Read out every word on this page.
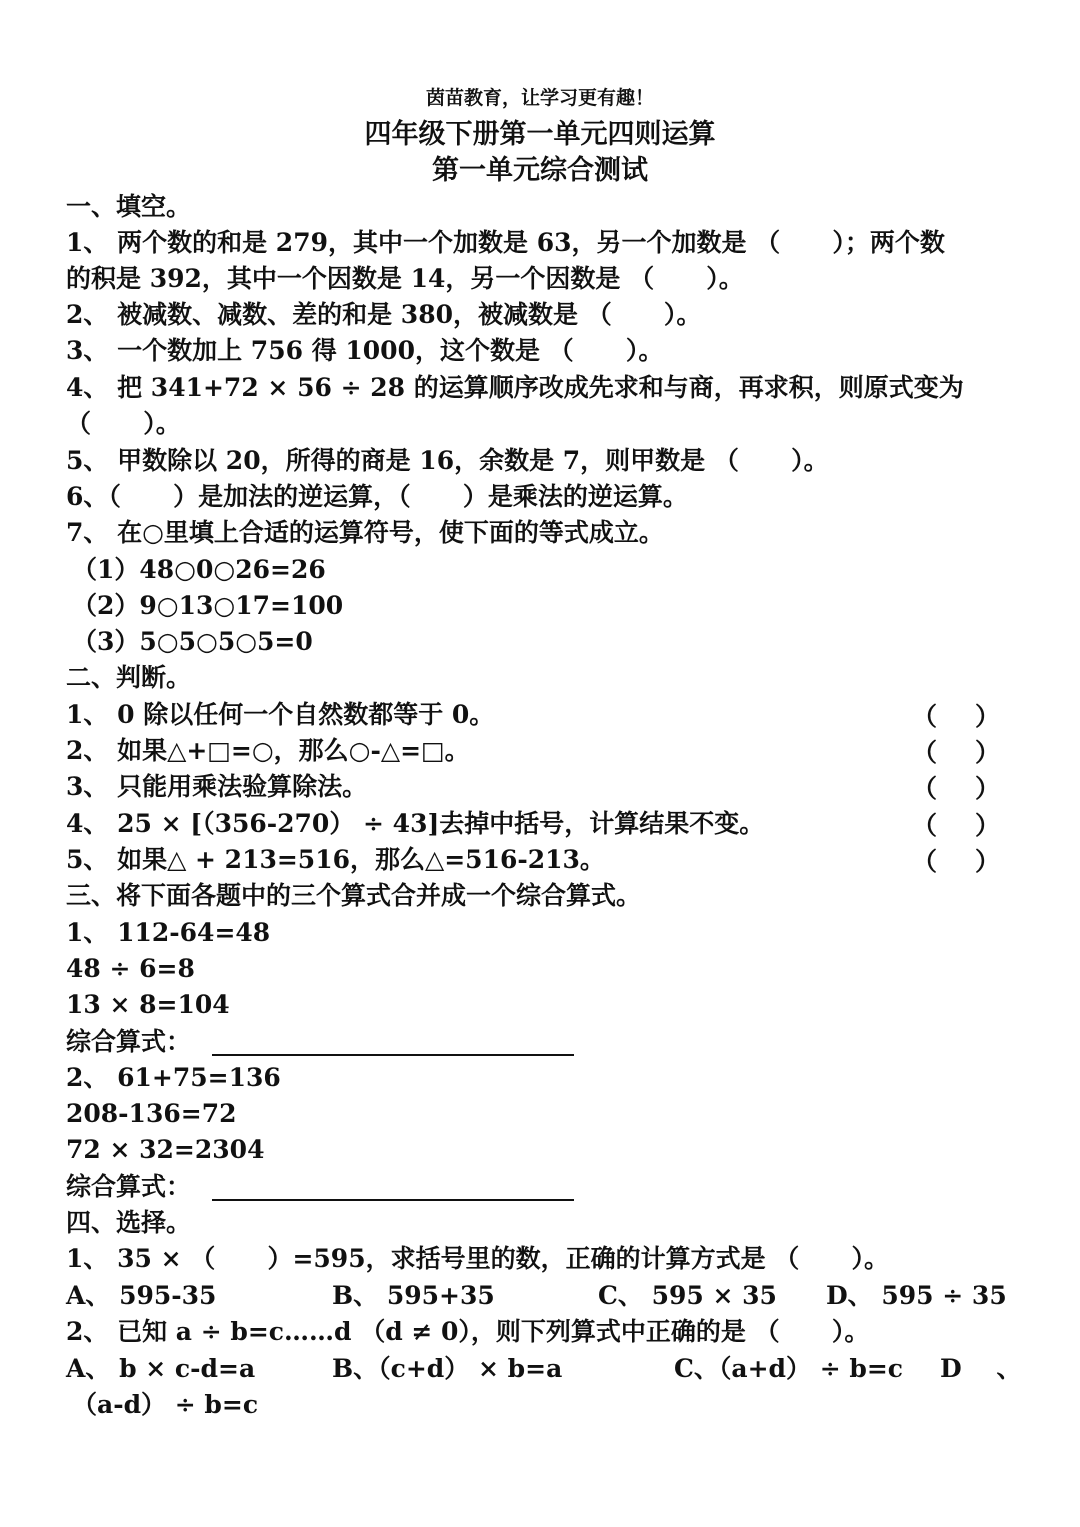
茵苗教育，让学习更有趣！
四年级下册第一单元四则运算
第一单元综合测试
一、填空。
1、 两个数的和是 279，其中一个加数是 63，另一个加数是 （      ）；两个数
的积是 392，其中一个因数是 14，另一个因数是 （      ）。
2、 被减数、减数、差的和是 380，被减数是 （      ）。
3、 一个数加上 756 得 1000，这个数是 （      ）。
4、 把 341+72 × 56 ÷ 28 的运算顺序改成先求和与商，再求积，则原式变为
（      ）。
5、 甲数除以 20，所得的商是 16，余数是 7，则甲数是 （      ）。
6、（      ）是加法的逆运算，（      ）是乘法的逆运算。
7、 在○里填上合适的运算符号，使下面的等式成立。
（1）48○0○26=26
（2）9○13○17=100
（3）5○5○5○5=0
二、判断。
1、 0 除以任何一个自然数都等于 0。	（ ）
2、 如果△+□=○，那么○-△=□。	（ ）
3、 只能用乘法验算除法。	（ ）
4、 25 × [（356-270） ÷ 43]去掉中括号，计算结果不变。	（ ）
5、 如果△ + 213=516，那么△=516-213。	（ ）
三、将下面各题中的三个算式合并成一个综合算式。
1、 112-64=48
48 ÷ 6=8
13 × 8=104
综合算式：
2、 61+75=136
208-136=72
72 × 32=2304
综合算式：
四、选择。
1、 35 × （      ）=595，求括号里的数，正确的计算方式是 （      ）。
A、 595-35	B、 595+35	C、 595 × 35 D、 595 ÷ 35
2、 已知 a ÷ b=c……d （d ≠ 0），则下列算式中正确的是 （      ）。
A、 b × c-d=a	B、（c+d） × b=a	C、（a+d） ÷ b=c D    、
（a-d） ÷ b=c
